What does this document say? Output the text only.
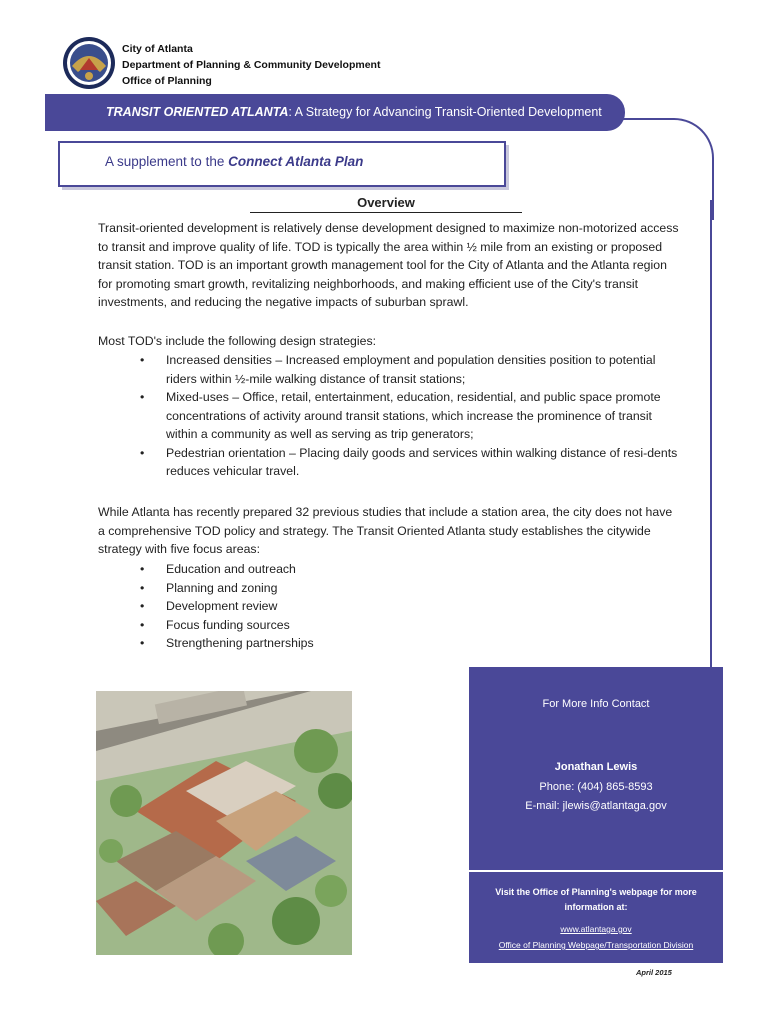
City of Atlanta
Department of Planning & Community Development
Office of Planning
TRANSIT ORIENTED ATLANTA: A Strategy for Advancing Transit-Oriented Development
A supplement to the Connect Atlanta Plan
Overview
Transit-oriented development is relatively dense development designed to maximize non-motorized access to transit and improve quality of life. TOD is typically the area within ½ mile from an existing or proposed transit station. TOD is an important growth management tool for the City of Atlanta and the Atlanta region for promoting smart growth, revitalizing neighborhoods, and making efficient use of the City's transit investments, and reducing the negative impacts of suburban sprawl.
Most TOD's include the following design strategies:
• Increased densities – Increased employment and population densities position to potential riders within ½-mile walking distance of transit stations;
• Mixed-uses – Office, retail, entertainment, education, residential, and public space promote concentrations of activity around transit stations, which increase the prominence of transit within a community as well as serving as trip generators;
• Pedestrian orientation – Placing daily goods and services within walking distance of resi-dents reduces vehicular travel.
While Atlanta has recently prepared 32 previous studies that include a station area, the city does not have a comprehensive TOD policy and strategy. The Transit Oriented Atlanta study establishes the citywide strategy with five focus areas:
• Education and outreach
• Planning and zoning
• Development review
• Focus funding sources
• Strengthening partnerships
For More Info Contact
Jonathan Lewis
Phone: (404) 865-8593
E-mail: jlewis@atlantaga.gov
Visit the Office of Planning's webpage for more information at:
www.atlantaga.gov
Office of Planning Webpage/Transportation Division
April 2015
